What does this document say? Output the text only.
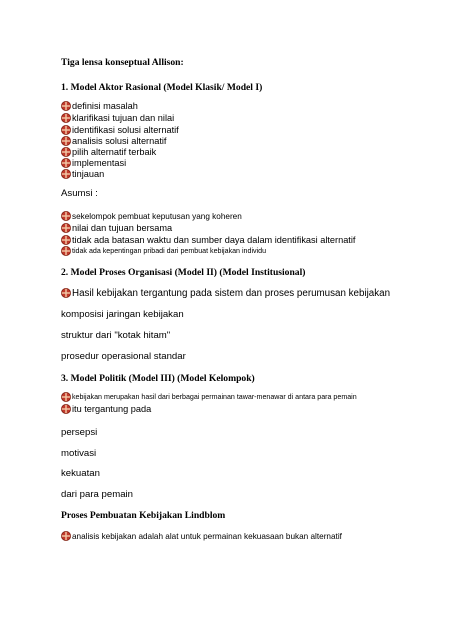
Tiga lensa konseptual Allison:
1. Model Aktor Rasional (Model Klasik/ Model I)
definisi masalah
klarifikasi tujuan dan nilai
identifikasi solusi alternatif
analisis solusi alternatif
pilih alternatif terbaik
implementasi
tinjauan
Asumsi :
sekelompok pembuat keputusan yang koheren
nilai dan tujuan bersama
tidak ada batasan waktu dan sumber daya dalam identifikasi alternatif
tidak ada kepentingan pribadi dari pembuat kebijakan individu
2. Model Proses Organisasi (Model II) (Model Institusional)
Hasil kebijakan tergantung pada sistem dan proses perumusan kebijakan
komposisi jaringan kebijakan
struktur dari "kotak hitam"
prosedur operasional standar
3. Model Politik (Model III) (Model Kelompok)
kebijakan merupakan hasil dari berbagai permainan tawar-menawar di antara para pemain
itu tergantung pada
persepsi
motivasi
kekuatan
dari para pemain
Proses Pembuatan Kebijakan Lindblom
analisis kebijakan adalah alat untuk permainan kekuasaan bukan alternatif
